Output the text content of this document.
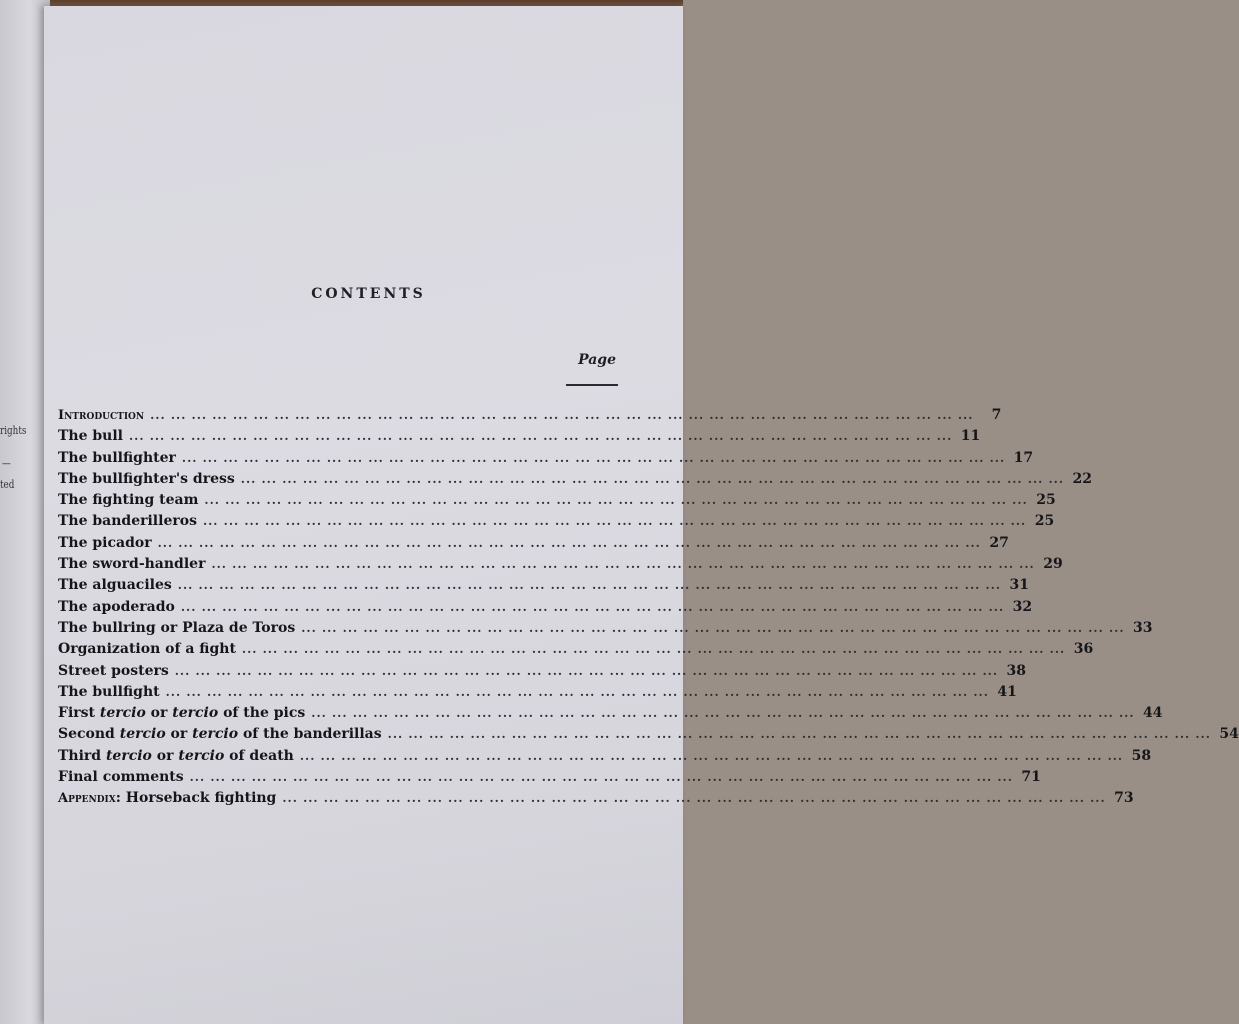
rights
—
ted
CONTENTS
Page
Introduction ... ... ... ... ... ... ... ... ... ... ... ... ... ... ... ... ... ... ... ... ... ... ... ... ... ... ... ... ... ... ... ... ... ... ... ... ... ... ... ...	7
The bull ... ... ... ... ... ... ... ... ... ... ... ... ... ... ... ... ... ... ... ... ... ... ... ... ... ... ... ... ... ... ... ... ... ... ... ... ... ... ... ... 11
The bullfighter ... ... ... ... ... ... ... ... ... ... ... ... ... ... ... ... ... ... ... ... ... ... ... ... ... ... ... ... ... ... ... ... ... ... ... ... ... ... ... ... 17
The bullfighter's dress ... ... ... ... ... ... ... ... ... ... ... ... ... ... ... ... ... ... ... ... ... ... ... ... ... ... ... ... ... ... ... ... ... ... ... ... ... ... ... ... 22
The fighting team ... ... ... ... ... ... ... ... ... ... ... ... ... ... ... ... ... ... ... ... ... ... ... ... ... ... ... ... ... ... ... ... ... ... ... ... ... ... ... ... 25
The banderilleros ... ... ... ... ... ... ... ... ... ... ... ... ... ... ... ... ... ... ... ... ... ... ... ... ... ... ... ... ... ... ... ... ... ... ... ... ... ... ... ... 25
The picador ... ... ... ... ... ... ... ... ... ... ... ... ... ... ... ... ... ... ... ... ... ... ... ... ... ... ... ... ... ... ... ... ... ... ... ... ... ... ... ... 27
The sword-handler ... ... ... ... ... ... ... ... ... ... ... ... ... ... ... ... ... ... ... ... ... ... ... ... ... ... ... ... ... ... ... ... ... ... ... ... ... ... ... ... 29
The alguaciles ... ... ... ... ... ... ... ... ... ... ... ... ... ... ... ... ... ... ... ... ... ... ... ... ... ... ... ... ... ... ... ... ... ... ... ... ... ... ... ... 31
The apoderado ... ... ... ... ... ... ... ... ... ... ... ... ... ... ... ... ... ... ... ... ... ... ... ... ... ... ... ... ... ... ... ... ... ... ... ... ... ... ... ... 32
The bullring or Plaza de Toros ... ... ... ... ... ... ... ... ... ... ... ... ... ... ... ... ... ... ... ... ... ... ... ... ... ... ... ... ... ... ... ... ... ... ... ... ... ... ... ... 33
Organization of a fight ... ... ... ... ... ... ... ... ... ... ... ... ... ... ... ... ... ... ... ... ... ... ... ... ... ... ... ... ... ... ... ... ... ... ... ... ... ... ... ... 36
Street posters ... ... ... ... ... ... ... ... ... ... ... ... ... ... ... ... ... ... ... ... ... ... ... ... ... ... ... ... ... ... ... ... ... ... ... ... ... ... ... ... 38
The bullfight ... ... ... ... ... ... ... ... ... ... ... ... ... ... ... ... ... ... ... ... ... ... ... ... ... ... ... ... ... ... ... ... ... ... ... ... ... ... ... ... 41
First tercio or tercio of the pics ... ... ... ... ... ... ... ... ... ... ... ... ... ... ... ... ... ... ... ... ... ... ... ... ... ... ... ... ... ... ... ... ... ... ... ... ... ... ... ... 44
Second tercio or tercio of the banderillas ... ... ... ... ... ... ... ... ... ... ... ... ... ... ... ... ... ... ... ... ... ... ... ... ... ... ... ... ... ... ... ... ... ... ... ... ... ... ... ... 54
Third tercio or tercio of death ... ... ... ... ... ... ... ... ... ... ... ... ... ... ... ... ... ... ... ... ... ... ... ... ... ... ... ... ... ... ... ... ... ... ... ... ... ... ... ... 58
Final comments ... ... ... ... ... ... ... ... ... ... ... ... ... ... ... ... ... ... ... ... ... ... ... ... ... ... ... ... ... ... ... ... ... ... ... ... ... ... ... ... 71
Appendix: Horseback fighting ... ... ... ... ... ... ... ... ... ... ... ... ... ... ... ... ... ... ... ... ... ... ... ... ... ... ... ... ... ... ... ... ... ... ... ... ... ... ... ... 73
